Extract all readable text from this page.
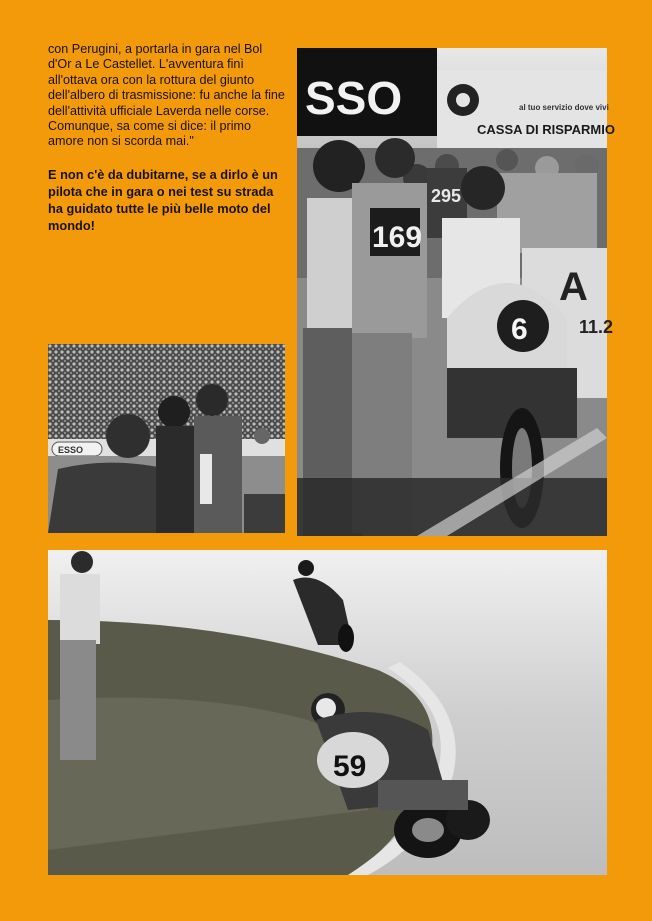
con Perugini, a portarla in gara nel Bol d'Or a Le Castellet. L'avventura finì all'ottava ora con la rottura del giunto dell'albero di trasmissione: fu anche la fine dell'attività ufficiale Laverda nelle corse.

Comunque, sa come si dice: il primo amore non si scorda mai."

E non c'è da dubitarne, se a dirlo è un pilota che in gara o nei test su strada ha guidato tutte le più belle moto del mondo!

SSO	al tuo servizio dove vivi
CASSA DI RISPARMIO
A
11.2
169
295
6
ESSO
59
